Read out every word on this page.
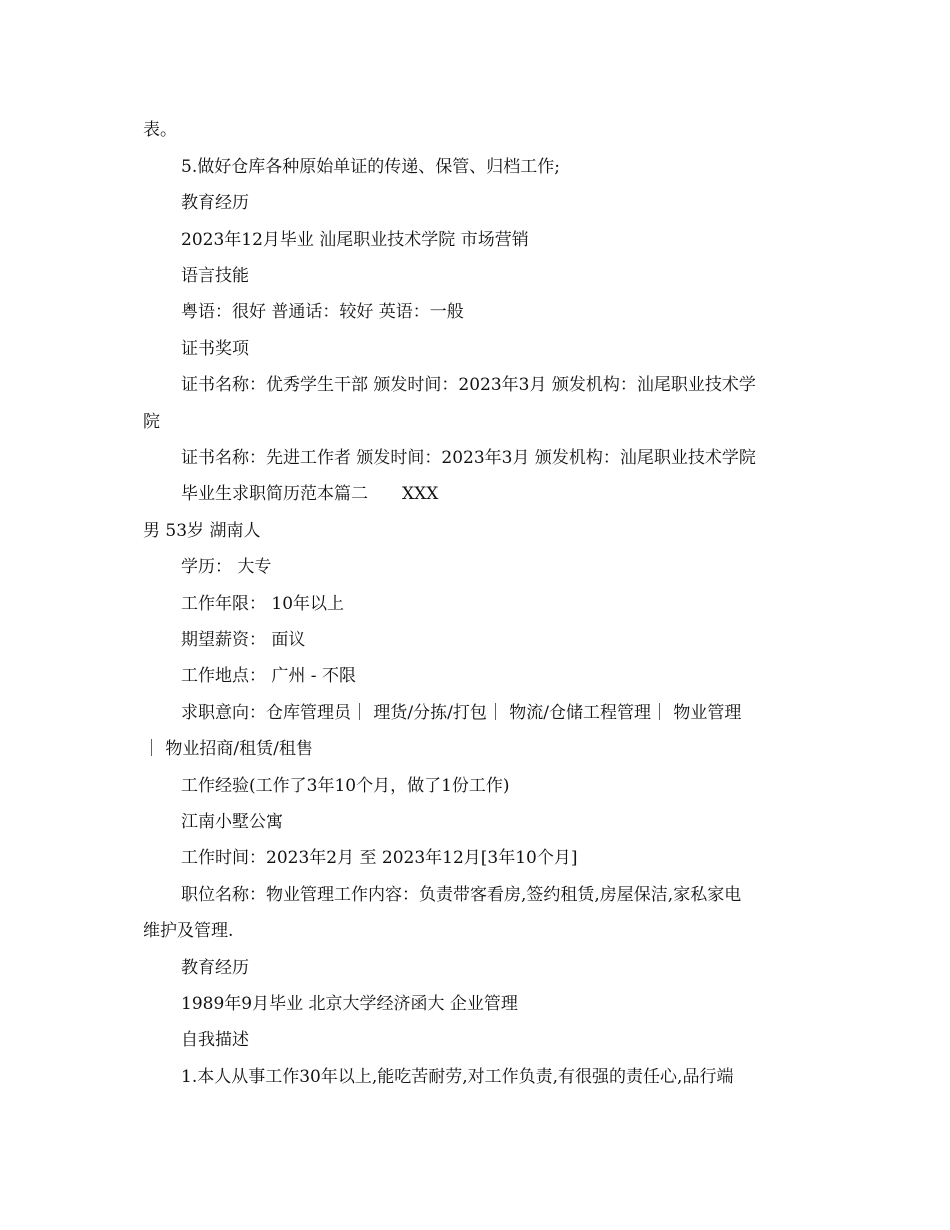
表。
5.做好仓库各种原始单证的传递、保管、归档工作;
教育经历
2023年12月毕业 汕尾职业技术学院 市场营销
语言技能
粤语：很好 普通话：较好 英语：一般
证书奖项
证书名称：优秀学生干部 颁发时间：2023年3月 颁发机构：汕尾职业技术学
院
证书名称：先进工作者 颁发时间：2023年3月 颁发机构：汕尾职业技术学院
毕业生求职简历范本篇二　　XXX
男 53岁 湖南人
学历： 大专
工作年限： 10年以上
期望薪资： 面议
工作地点： 广州 - 不限
求职意向：仓库管理员｜ 理货/分拣/打包｜ 物流/仓储工程管理｜ 物业管理
｜ 物业招商/租赁/租售
工作经验(工作了3年10个月，做了1份工作)
江南小墅公寓
工作时间：2023年2月 至 2023年12月[3年10个月]
职位名称：物业管理工作内容：负责带客看房,签约租赁,房屋保洁,家私家电
维护及管理.
教育经历
1989年9月毕业 北京大学经济函大 企业管理
自我描述
1.本人从事工作30年以上,能吃苦耐劳,对工作负责,有很强的责任心,品行端
